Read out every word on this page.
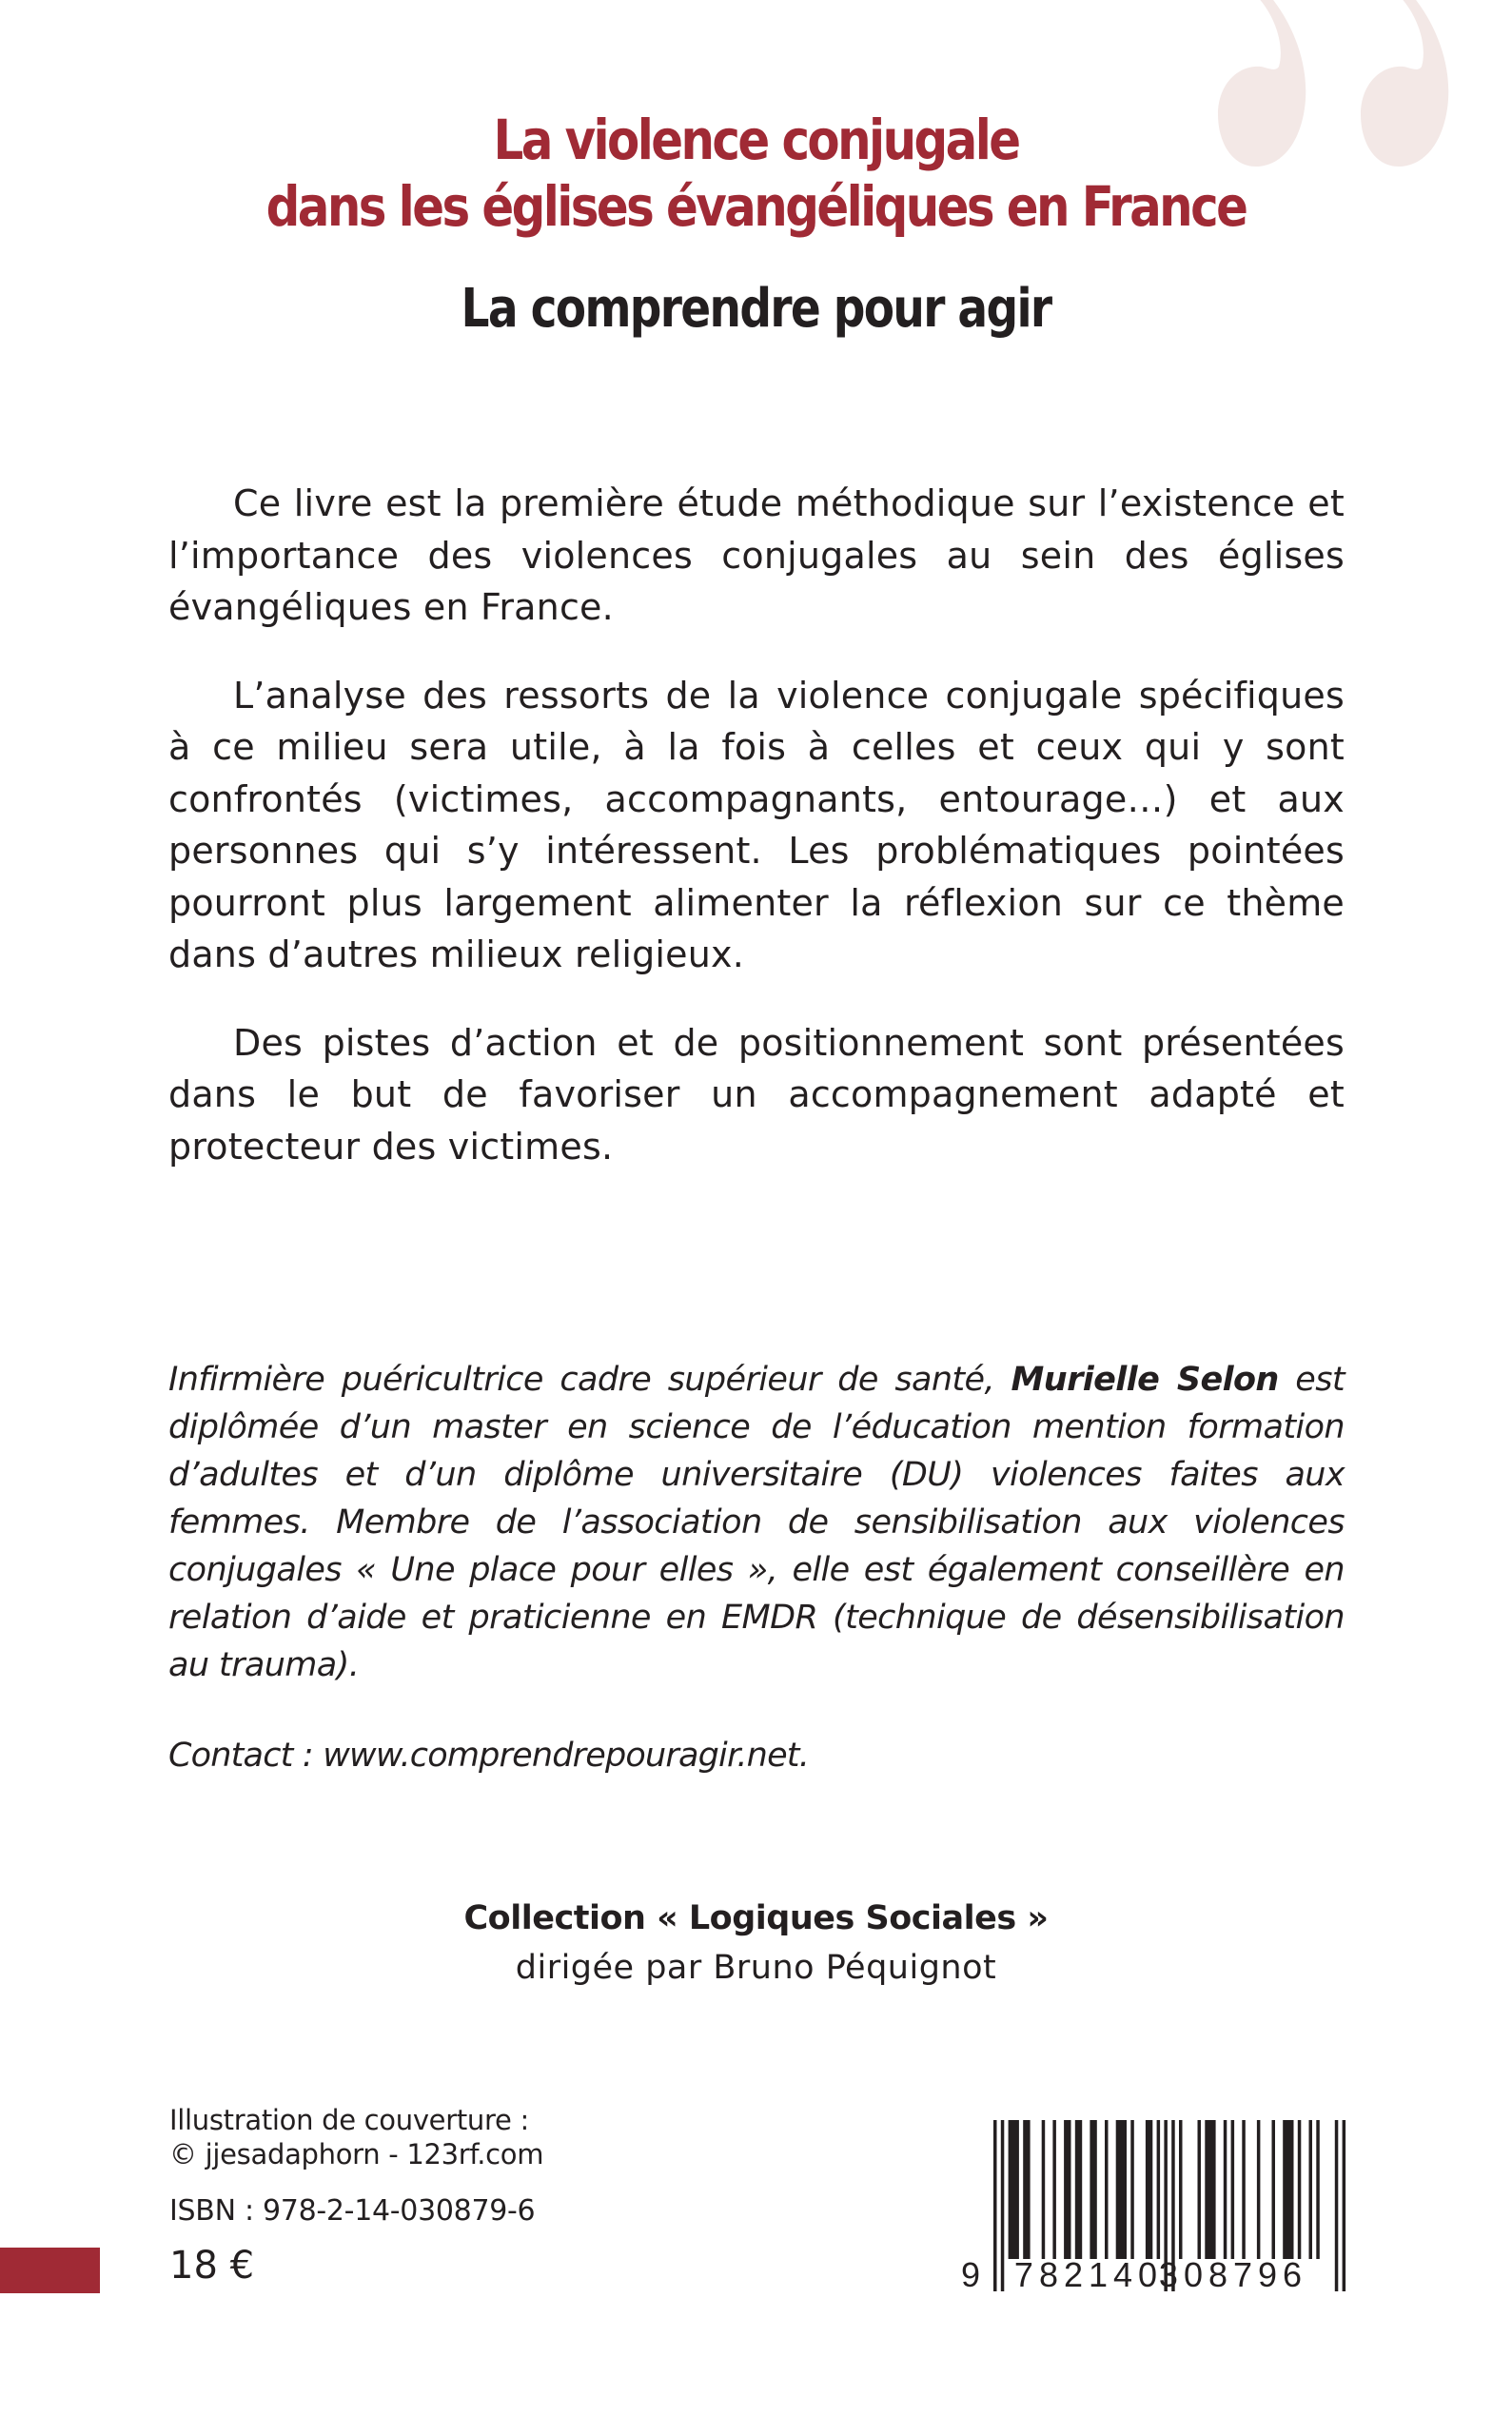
La violence conjugale
dans les églises évangéliques en France
La comprendre pour agir

Ce livre est la première étude méthodique sur l’existence et l’importance des violences conjugales au sein des églises évangéliques en France.

L’analyse des ressorts de la violence conjugale spécifiques à ce milieu sera utile, à la fois à celles et ceux qui y sont confrontés (victimes, accompagnants, entourage…) et aux personnes qui s’y intéressent. Les problématiques pointées pourront plus largement alimenter la réflexion sur ce thème dans d’autres milieux religieux.

Des pistes d’action et de positionnement sont présentées dans le but de favoriser un accompagnement adapté et protecteur des victimes.

Infirmière puéricultrice cadre supérieur de santé, Murielle Selon est diplômée d’un master en science de l’éducation mention formation d’adultes et d’un diplôme universitaire (DU) violences faites aux femmes. Membre de l’association de sensibilisation aux violences conjugales « Une place pour elles », elle est également conseillère en relation d’aide et praticienne en EMDR (technique de désensibilisation au trauma).

Contact : www.comprendrepouragir.net.
Collection « Logiques Sociales »
dirigée par Bruno Péquignot
Illustration de couverture :
© jjesadaphorn - 123rf.com
ISBN : 978-2-14-030879-6
18 €	9 782140
308796
